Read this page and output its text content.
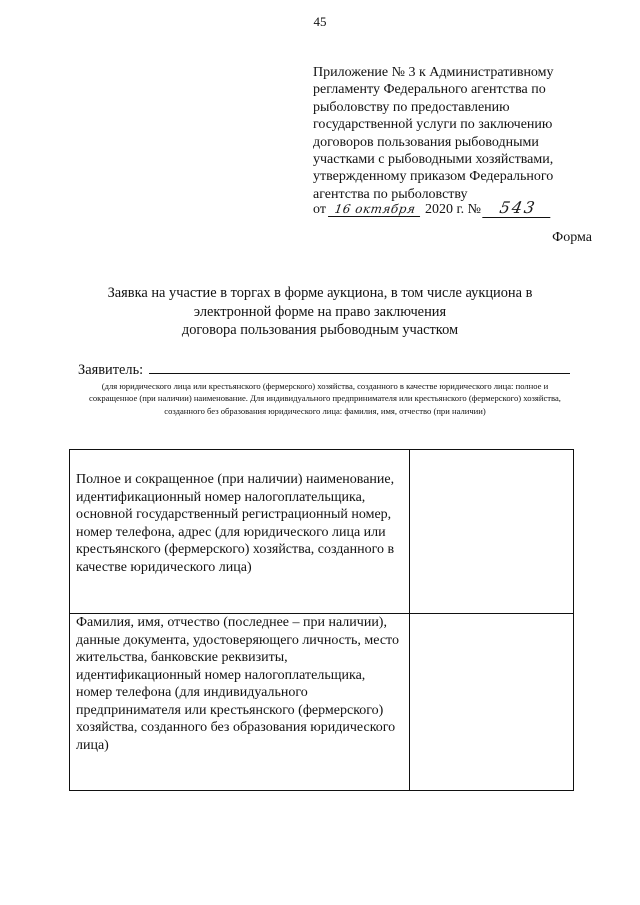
45
Приложение № 3 к Административному регламенту Федерального агентства по рыболовству по предоставлению государственной услуги по заключению договоров пользования рыбоводными участками с рыбоводными хозяйствами, утвержденному приказом Федерального агентства по рыболовству
от 16 октября 2020 г. № 543
Форма
Заявка на участие в торгах в форме аукциона, в том числе аукциона в
электронной форме на право заключения
договора пользования рыбоводным участком
Заявитель:
(для юридического лица или крестьянского (фермерского) хозяйства, созданного в качестве юридического лица: полное и сокращенное (при наличии) наименование. Для индивидуального предпринимателя или крестьянского (фермерского) хозяйства, созданного без образования юридического лица: фамилия, имя, отчество (при наличии)
Полное и сокращенное (при наличии) наименование, идентификационный номер налогоплательщика, основной государственный регистрационный номер, номер телефона, адрес (для юридического лица или крестьянского (фермерского) хозяйства, созданного в качестве юридического лица)	
Фамилия, имя, отчество (последнее – при наличии), данные документа, удостоверяющего личность, место жительства, банковские реквизиты, идентификационный номер налогоплательщика, номер телефона (для индивидуального предпринимателя или крестьянского (фермерского) хозяйства, созданного без образования юридического лица)	
